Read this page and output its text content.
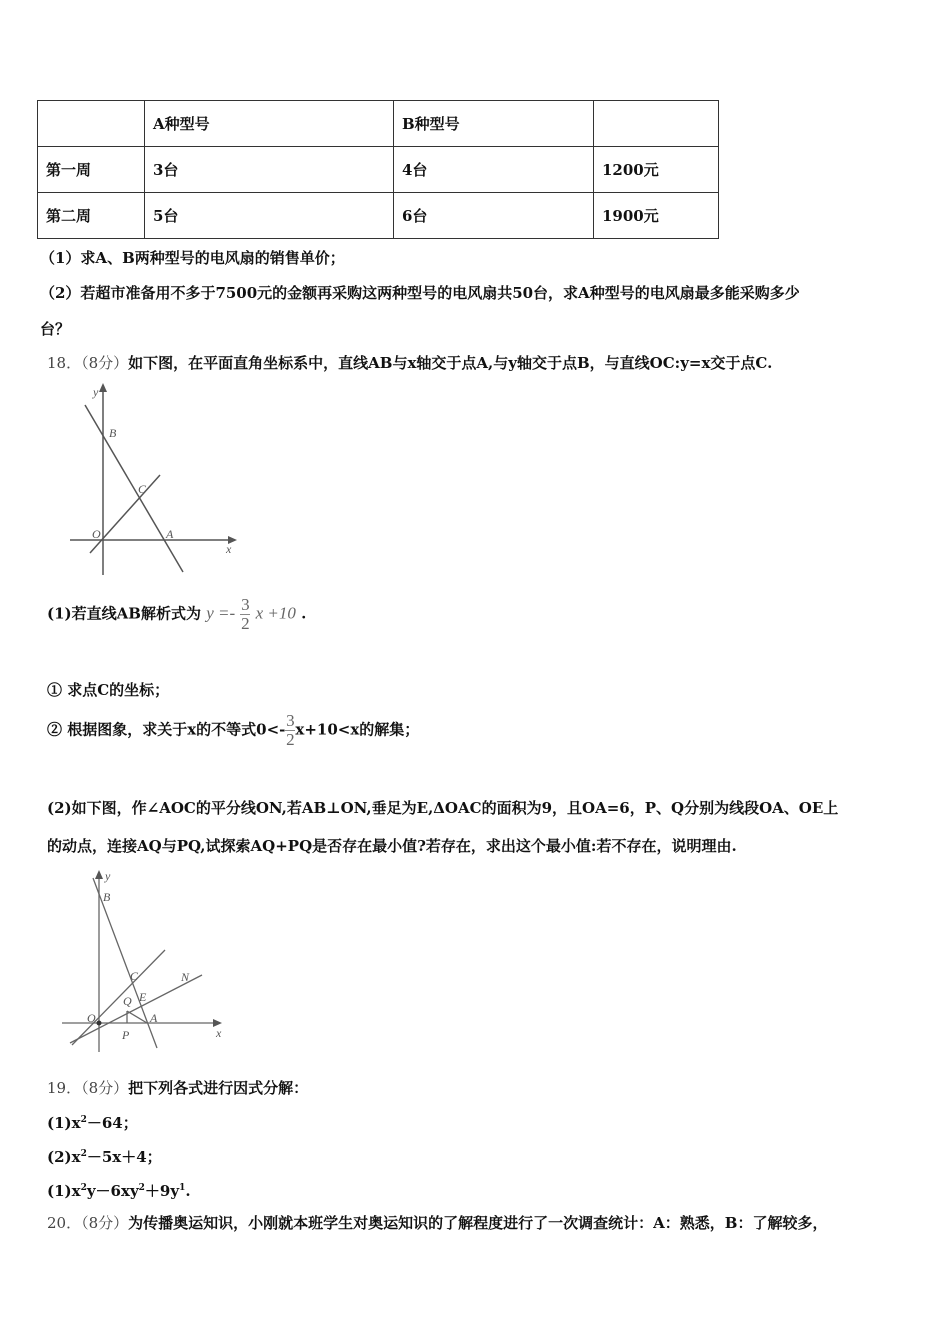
	A种型号	B种型号	
第一周	3台	4台	1200元
第二周	5台	6台	1900元
（1）求A、B两种型号的电风扇的销售单价；
（2）若超市准备用不多于7500元的金额再采购这两种型号的电风扇共50台，求A种型号的电风扇最多能采购多少
台？
18．（8分）如下图，在平面直角坐标系中，直线AB与x轴交于点A,与y轴交于点B，与直线OC:y=x交于点C.
y
B
C
O	A
x
(1)若直线AB解析式为 $y =- \frac{3}{2}$ x +10 .
① 求点C的坐标；
② 根据图象，求关于x的不等式$0<- \frac{3}{2} x+10<x$的解集；
(2)如下图，作∠AOC的平分线ON,若AB⊥ON,垂足为E,ΔOAC的面积为9，且OA=6，P、Q分别为线段OA、OE上
的动点，连接AQ与PQ,试探索AQ+PQ是否存在最小值?若存在，求出这个最小值:若不存在，说明理由.
y
B
C	N
Q E
O	A
P	x
19．（8分）把下列各式进行因式分解：
$(1)x^2-64$；
$(2)x^2-5x+4$；
$(1)x^2y-6xy^2+9y^1$.
20．（8分）为传播奥运知识，小刚就本班学生对奥运知识的了解程度进行了一次调查统计：A：熟悉，B：了解较多，
